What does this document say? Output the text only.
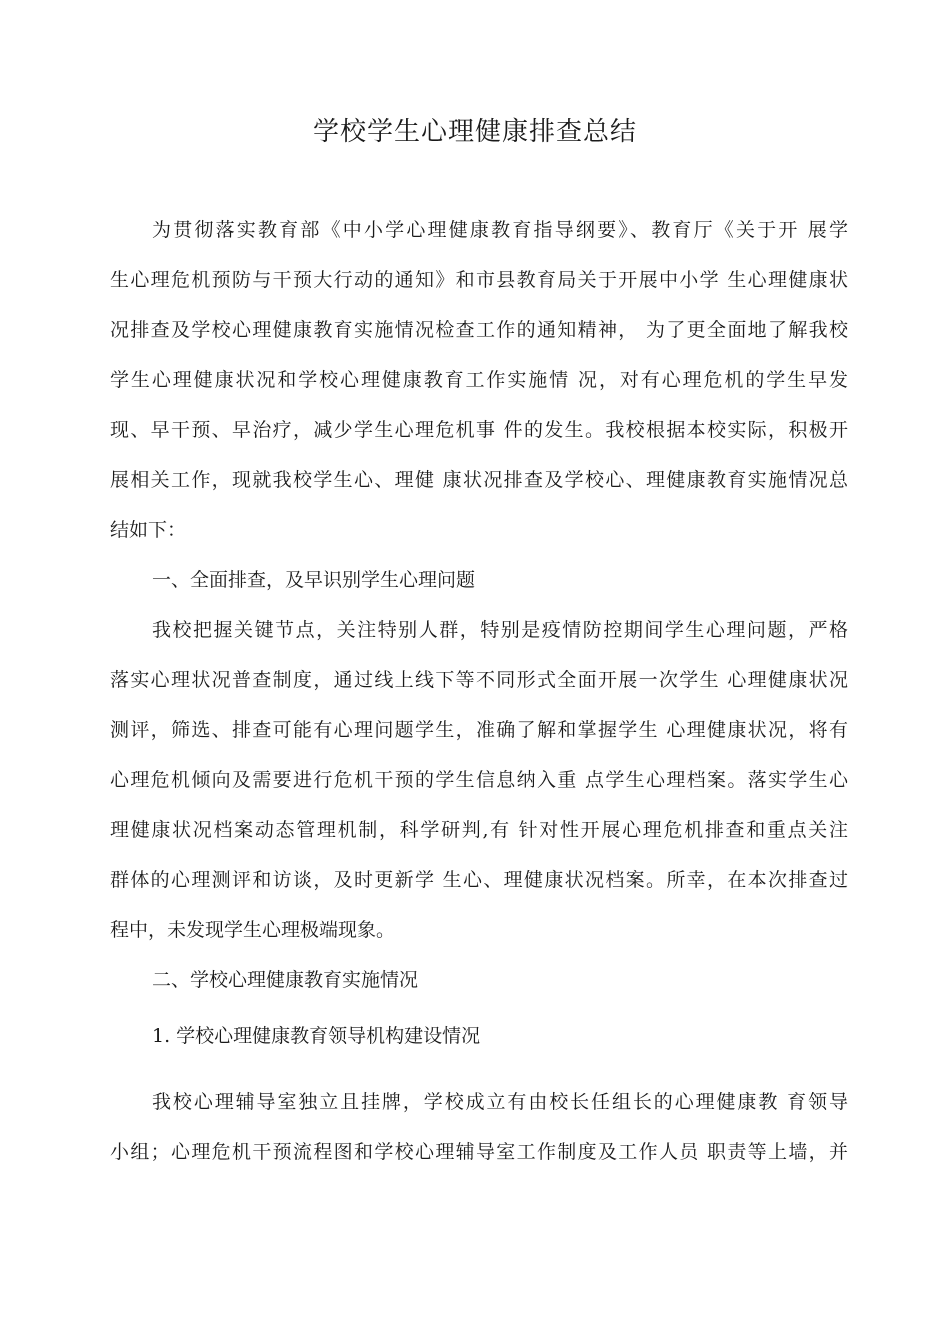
学校学生心理健康排查总结
为贯彻落实教育部《中小学心理健康教育指导纲要》、教育厅《关于开 展学
生心理危机预防与干预大行动的通知》和市县教育局关于开展中小学 生心理健康状
况排查及学校心理健康教育实施情况检查工作的通知精神， 为了更全面地了解我校
学生心理健康状况和学校心理健康教育工作实施情 况，对有心理危机的学生早发
现、早干预、早治疗，减少学生心理危机事 件的发生。我校根据本校实际，积极开
展相关工作，现就我校学生心、理健 康状况排查及学校心、理健康教育实施情况总
结如下：
一、全面排查，及早识别学生心理问题
我校把握关键节点，关注特别人群，特别是疫情防控期间学生心理问题，严格
落实心理状况普查制度，通过线上线下等不同形式全面开展一次学生 心理健康状况
测评，筛选、排查可能有心理问题学生，准确了解和掌握学生 心理健康状况，将有
心理危机倾向及需要进行危机干预的学生信息纳入重 点学生心理档案。落实学生心
理健康状况档案动态管理机制，科学研判,有 针对性开展心理危机排查和重点关注
群体的心理测评和访谈，及时更新学 生心、理健康状况档案。所幸，在本次排查过
程中，未发现学生心理极端现象。
二、学校心理健康教育实施情况
1. 学校心理健康教育领导机构建设情况
我校心理辅导室独立且挂牌，学校成立有由校长任组长的心理健康教 育领导
小组；心理危机干预流程图和学校心理辅导室工作制度及工作人员 职责等上墙，并
